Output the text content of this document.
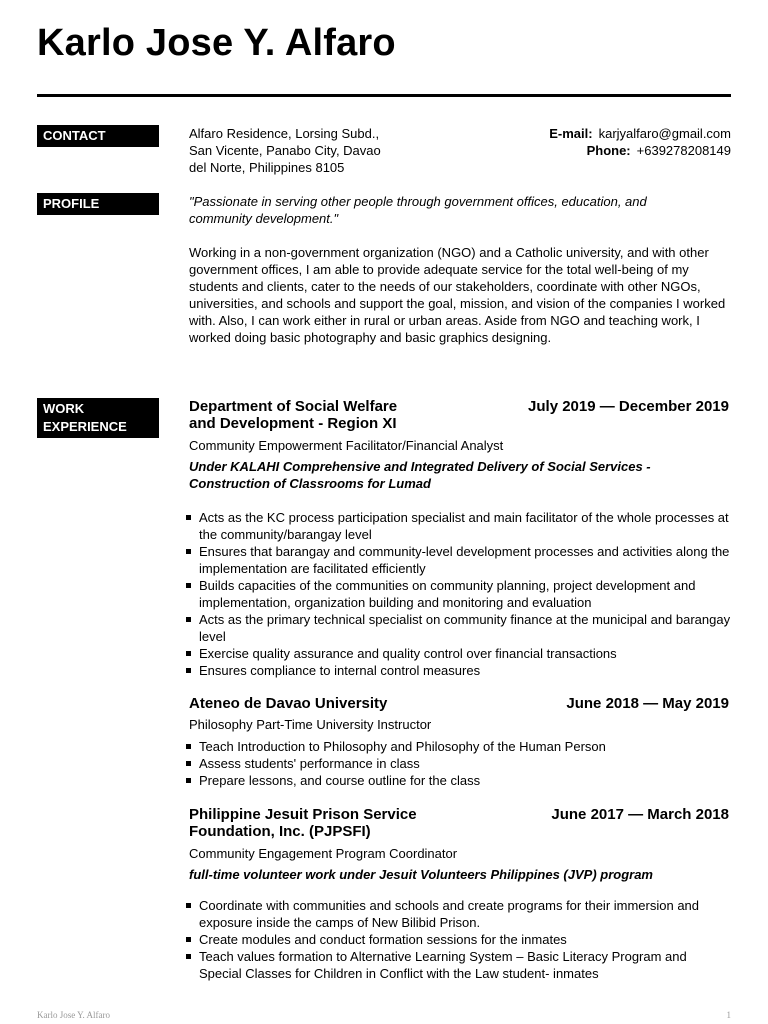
Karlo Jose Y. Alfaro
CONTACT	Alfaro Residence, Lorsing Subd.,
San Vicente, Panabo City, Davao
del Norte, Philippines 8105
E-mail: karjyalfaro@gmail.com
Phone: +639278208149
PROFILE	"Passionate in serving other people through government offices, education, and community development."
Working in a non-government organization (NGO) and a Catholic university, and with other government offices, I am able to provide adequate service for the total well-being of my students and clients, cater to the needs of our stakeholders, coordinate with other NGOs, universities, and schools and support the goal, mission, and vision of the companies I worked with. Also, I can work either in rural or urban areas. Aside from NGO and teaching work, I worked doing basic photography and basic graphics designing.
WORK
EXPERIENCE
Department of Social Welfare
and Development - Region XI
July 2019 — December 2019
Community Empowerment Facilitator/Financial Analyst
Under KALAHI Comprehensive and Integrated Delivery of Social Services - Construction of Classrooms for Lumad
Acts as the KC process participation specialist and main facilitator of the whole processes at the community/barangay level
Ensures that barangay and community-level development processes and activities along the implementation are facilitated efficiently
Builds capacities of the communities on community planning, project development and implementation, organization building and monitoring and evaluation
Acts as the primary technical specialist on community finance at the municipal and barangay level
Exercise quality assurance and quality control over financial transactions
Ensures compliance to internal control measures
Ateneo de Davao University	June 2018 — May 2019
Philosophy Part-Time University Instructor
Teach Introduction to Philosophy and Philosophy of the Human Person
Assess students' performance in class
Prepare lessons, and course outline for the class
Philippine Jesuit Prison Service
Foundation, Inc. (PJPSFI)
June 2017 — March 2018
Community Engagement Program Coordinator
full-time volunteer work under Jesuit Volunteers Philippines (JVP) program
Coordinate with communities and schools and create programs for their immersion and exposure inside the camps of New Bilibid Prison.
Create modules and conduct formation sessions for the inmates
Teach values formation to Alternative Learning System – Basic Literacy Program and Special Classes for Children in Conflict with the Law student- inmates
Karlo Jose Y. Alfaro	1
